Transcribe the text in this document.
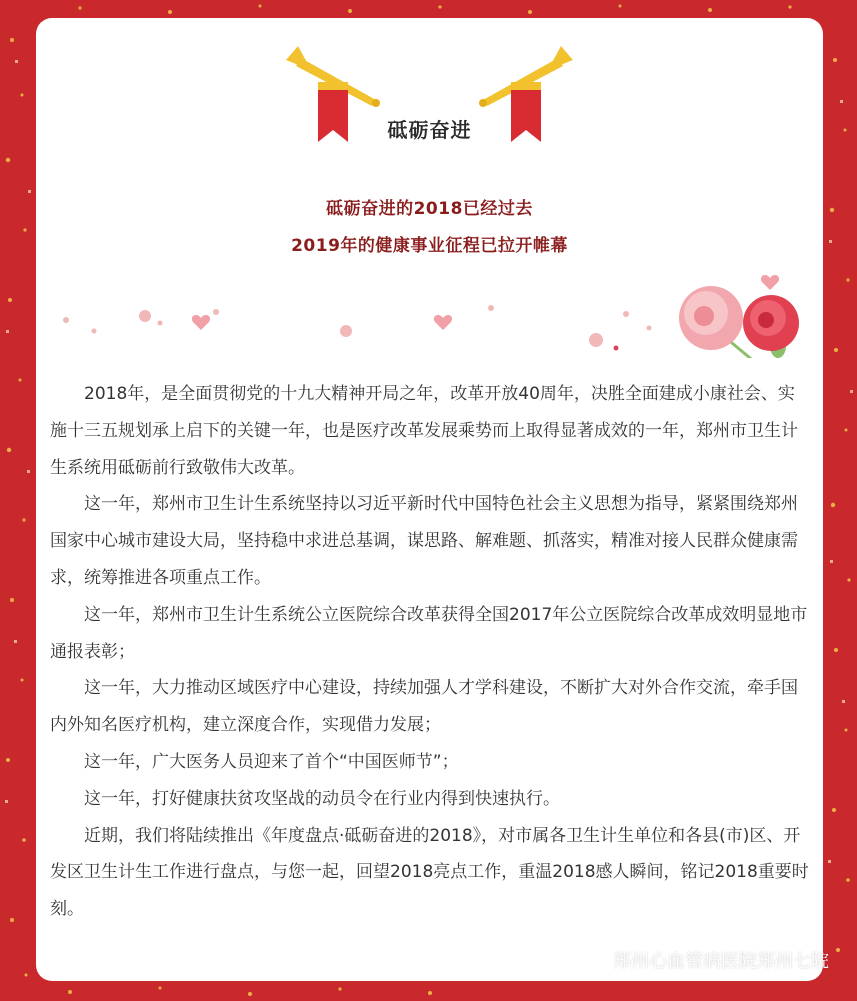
砥砺奋进
砥砺奋进的2018已经过去
2019年的健康事业征程已拉开帷幕

2018年，是全面贯彻党的十九大精神开局之年，改革开放40周年，决胜全面建成小康社会、实施十三五规划承上启下的关键一年，也是医疗改革发展乘势而上取得显著成效的一年，郑州市卫生计生系统用砥砺前行致敬伟大改革。

这一年，郑州市卫生计生系统坚持以习近平新时代中国特色社会主义思想为指导，紧紧围绕郑州国家中心城市建设大局，坚持稳中求进总基调，谋思路、解难题、抓落实，精准对接人民群众健康需求，统筹推进各项重点工作。

这一年，郑州市卫生计生系统公立医院综合改革获得全国2017年公立医院综合改革成效明显地市通报表彰；

这一年，大力推动区域医疗中心建设，持续加强人才学科建设，不断扩大对外合作交流，牵手国内外知名医疗机构，建立深度合作，实现借力发展；

这一年，广大医务人员迎来了首个“中国医师节”；

这一年，打好健康扶贫攻坚战的动员令在行业内得到快速执行。

近期，我们将陆续推出《年度盘点·砥砺奋进的2018》，对市属各卫生计生单位和各县(市)区、开发区卫生计生工作进行盘点，与您一起，回望2018亮点工作，重温2018感人瞬间，铭记2018重要时刻。

郑州心血管病医院郑州七院
